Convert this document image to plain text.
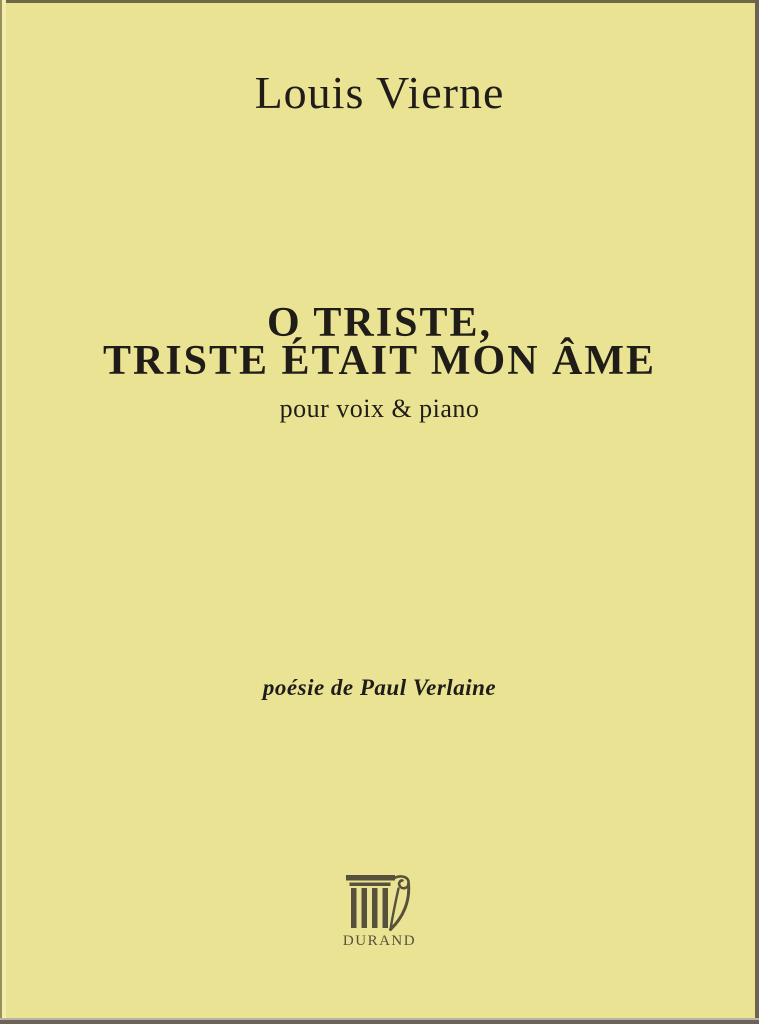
Louis Vierne
O TRISTE,
TRISTE ÉTAIT MON ÂME
pour voix & piano
poésie de Paul Verlaine
DURAND
